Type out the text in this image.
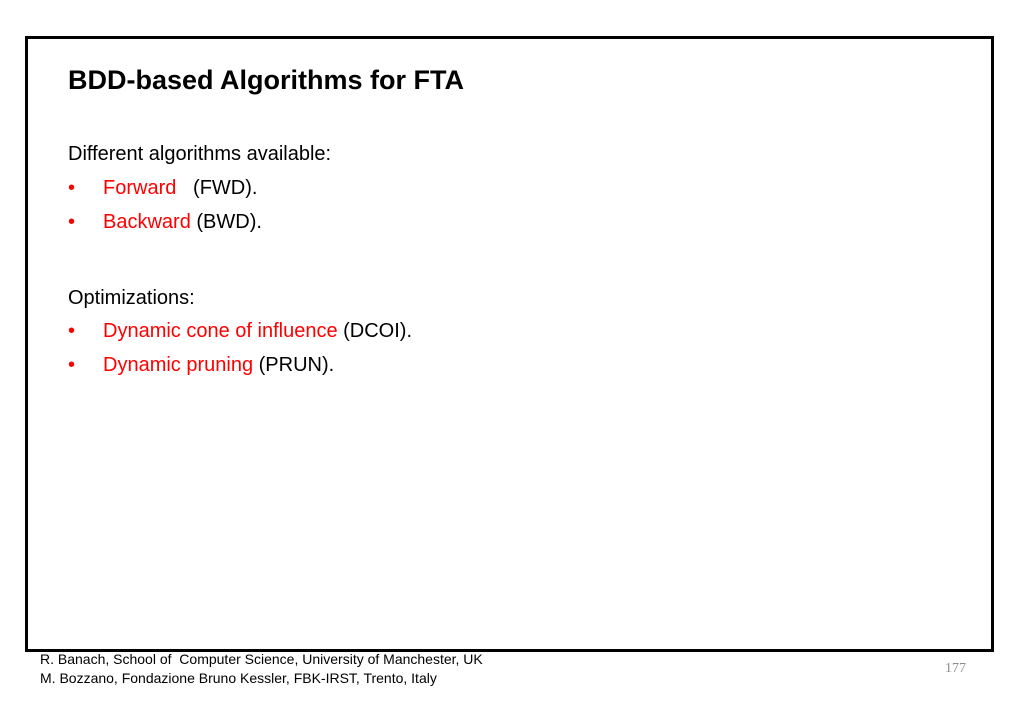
BDD-based Algorithms for FTA

Different algorithms available:

• Forward   (FWD).
• Backward (BWD).

Optimizations:

• Dynamic cone of influence (DCOI).
• Dynamic pruning (PRUN).
R. Banach, School of  Computer Science, University of Manchester, UK
M. Bozzano, Fondazione Bruno Kessler, FBK-IRST, Trento, Italy
177
